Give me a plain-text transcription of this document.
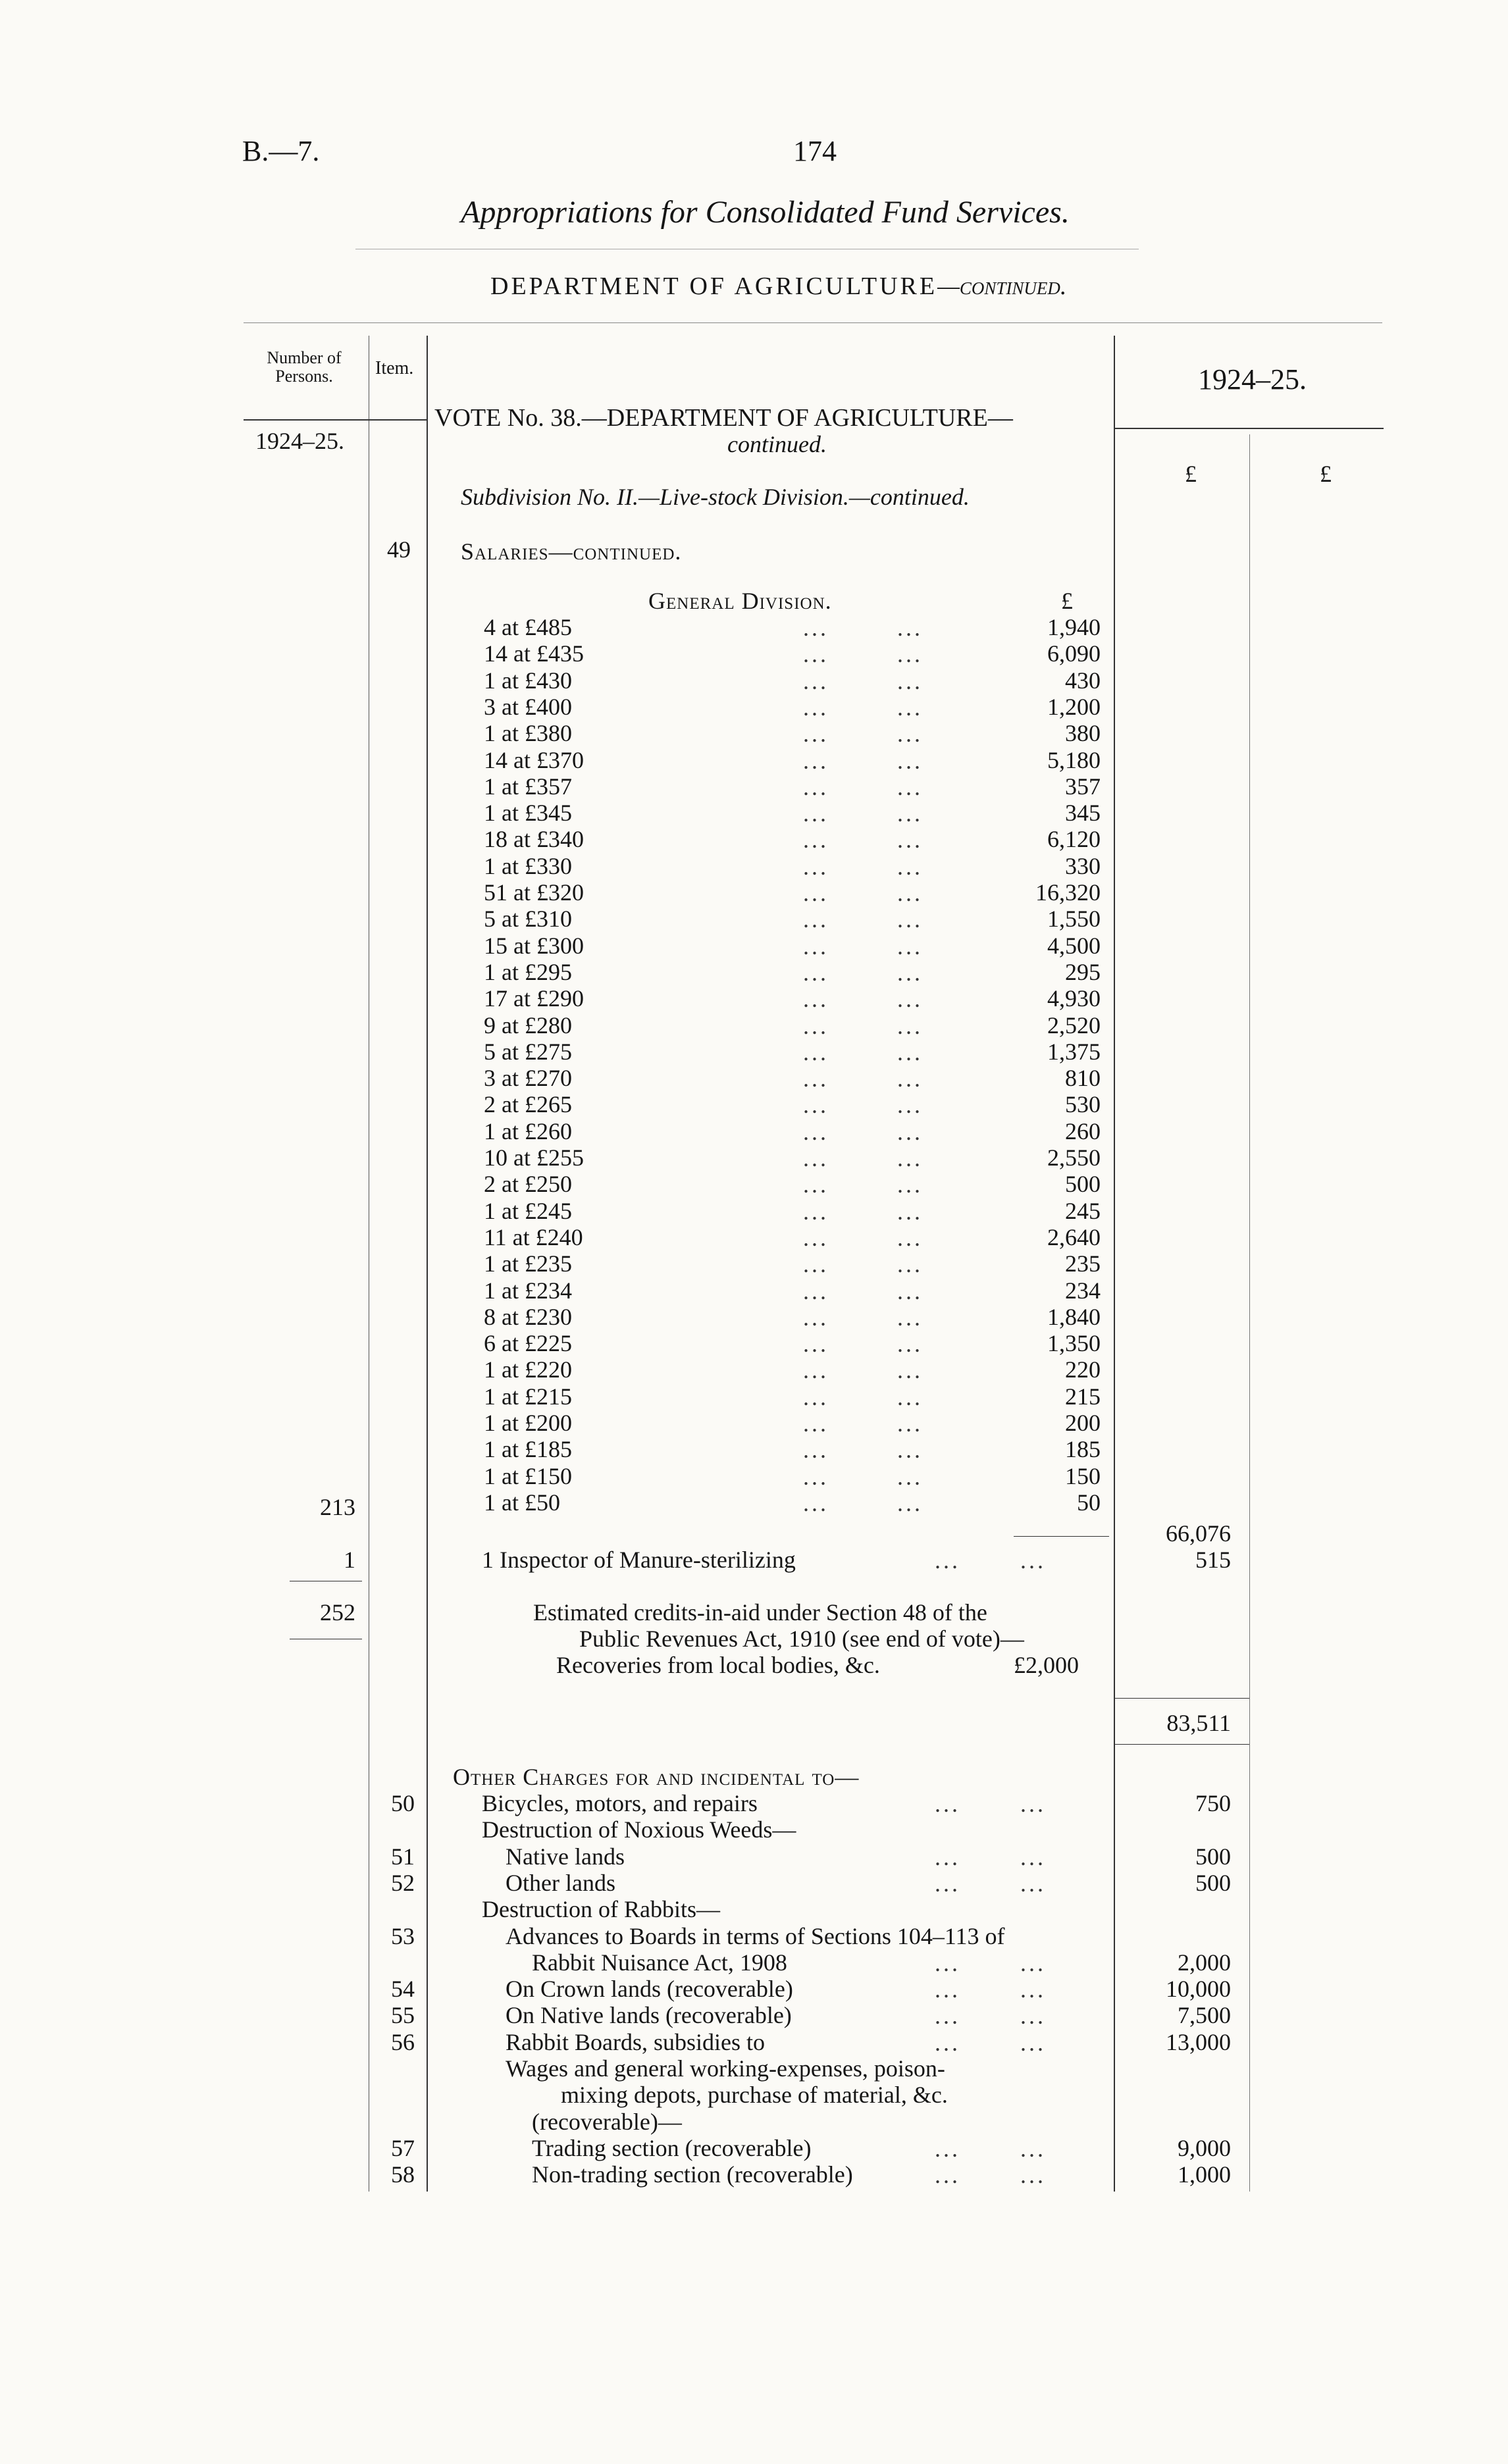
B.—7.	174
Appropriations for Consolidated Fund Services.
DEPARTMENT OF AGRICULTURE—continued.
Number of Persons.	Item.	1924–25.
1924–25.
£	£
VOTE No. 38.—DEPARTMENT OF AGRICULTURE—
continued.
Subdivision No. II.—Live-stock Division.—continued.
49 Salaries—continued.
General Division.	£
4 at £485	...        ...	1,940
14 at £435	...        ...	6,090
1 at £430	...        ...	430
3 at £400	...        ...	1,200
1 at £380	...        ...	380
14 at £370	...        ...	5,180
1 at £357	...        ...	357
1 at £345	...        ...	345
18 at £340	...        ...	6,120
1 at £330	...        ...	330
51 at £320	...        ...	16,320
5 at £310	...        ...	1,550
15 at £300	...        ...	4,500
1 at £295	...        ...	295
17 at £290	...        ...	4,930
9 at £280	...        ...	2,520
5 at £275	...        ...	1,375
3 at £270	...        ...	810
2 at £265	...        ...	530
1 at £260	...        ...	260
10 at £255	...        ...	2,550
2 at £250	...        ...	500
1 at £245	...        ...	245
11 at £240	...        ...	2,640
1 at £235	...        ...	235
1 at £234	...        ...	234
8 at £230	...        ...	1,840
6 at £225	...        ...	1,350
1 at £220	...        ...	220
1 at £215	...        ...	215
1 at £200	...        ...	200
1 at £185	...        ...	185
1 at £150	...        ...	150
1 at £50	...        ...	50
213
66,076
1	1 Inspector of Manure-sterilizing	...       ...	515
252	Estimated credits-in-aid under Section 48 of the
Public Revenues Act, 1910 (see end of vote)—
Recoveries from local bodies, &c.	£2,000
83,511
Other Charges for and incidental to—
50	Bicycles, motors, and repairs	...       ...	750
Destruction of Noxious Weeds—
51	Native lands	...       ...	500
52	Other lands	...       ...	500
Destruction of Rabbits—
53	Advances to Boards in terms of Sections 104–113 of
Rabbit Nuisance Act, 1908	...       ...	2,000
54	On Crown lands (recoverable)	...       ...	10,000
55	On Native lands (recoverable)	...       ...	7,500
56	Rabbit Boards, subsidies to	...       ...	13,000
Wages and general working-expenses, poison-
mixing depots, purchase of material, &c.
(recoverable)—
57	Trading section (recoverable)	...       ...	9,000
58	Non-trading section (recoverable)	...       ...	1,000
